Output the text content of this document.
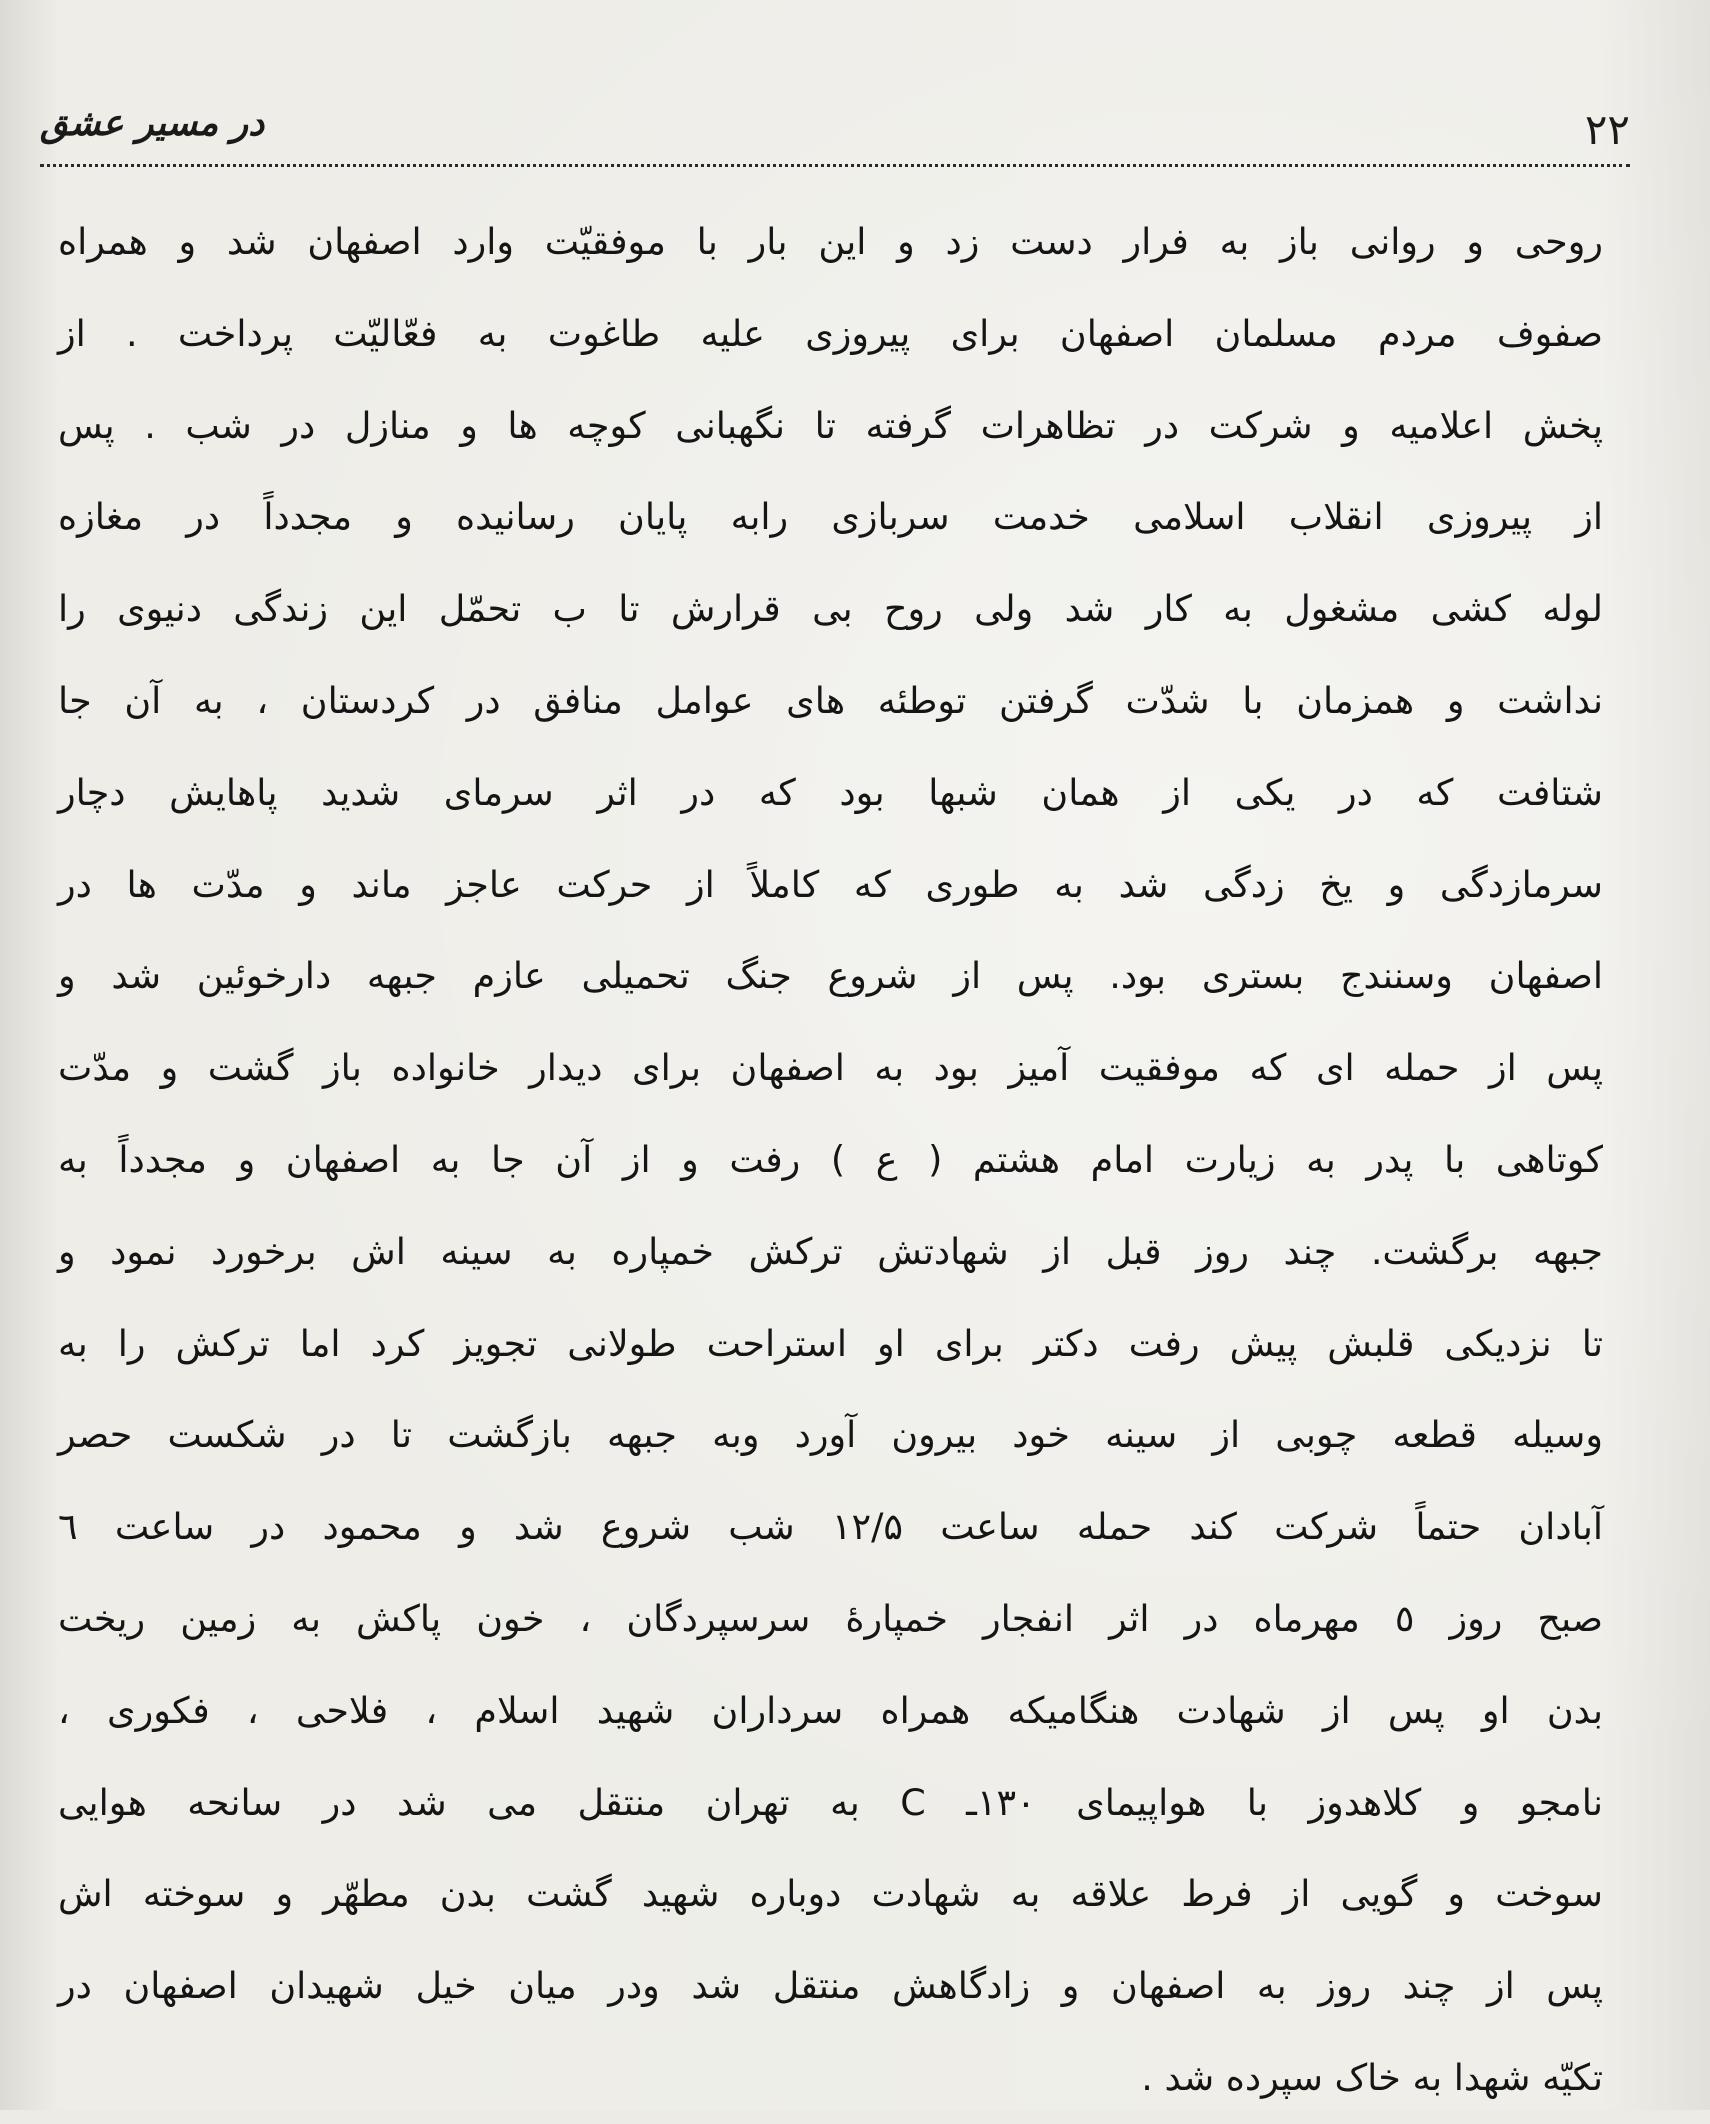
در مسیر عشق	۲۲
روحی و روانی باز به فرار دست زد و این بار با موفقیّت وارد اصفهان شد و همراه
صفوف مردم مسلمان اصفهان برای پیروزی علیه طاغوت به فعّالیّت پرداخت . از
پخش اعلامیه و شرکت در تظاهرات گرفته تا نگهبانی کوچه ها و منازل در شب . پس
از پیروزی انقلاب اسلامی خدمت سربازی رابه پایان رسانیده و مجدداً در مغازه
لوله کشی مشغول به کار شد ولی روح بی قرارش تا ب تحمّل این زندگی دنیوی را
نداشت و همزمان با شدّت گرفتن توطئه های عوامل منافق در کردستان ، به آن جا
شتافت که در یکی از همان شبها بود که در اثر سرمای شدید پاهایش دچار
سرمازدگی و یخ زدگی شد به طوری که کاملاً از حرکت عاجز ماند و مدّت ها در
اصفهان وسنندج بستری بود. پس از شروع جنگ تحمیلی عازم جبهه دارخوئین شد و
پس از حمله ای که موفقیت آمیز بود به اصفهان برای دیدار خانواده باز گشت و مدّت
کوتاهی با پدر به زیارت امام هشتم ( ع ) رفت و از آن جا به اصفهان و مجدداً به
جبهه برگشت. چند روز قبل از شهادتش ترکش خمپاره به سینه اش برخورد نمود و
تا نزدیکی قلبش پیش رفت دکتر برای او استراحت طولانی تجویز کرد اما ترکش را به
وسیله قطعه چوبی از سینه خود بیرون آورد وبه جبهه بازگشت تا در شکست حصر
آبادان حتماً شرکت کند حمله ساعت ۱۲/۵ شب شروع شد و محمود در ساعت ٦
صبح روز ٥ مهرماه در اثر انفجار خمپارهٔ سرسپردگان ، خون پاکش به زمین ریخت
بدن او پس از شهادت هنگامیکه همراه سرداران شهید اسلام ، فلاحی ، فکوری ،
نامجو و کلاهدوز با هواپیمای ۱۳۰ـ C به تهران منتقل می شد در سانحه هوایی
سوخت و گویی از فرط علاقه به شهادت دوباره شهید گشت بدن مطهّر و سوخته اش
پس از چند روز به اصفهان و زادگاهش منتقل شد ودر میان خیل شهیدان اصفهان در
تکیّه شهدا به خاک سپرده شد .
